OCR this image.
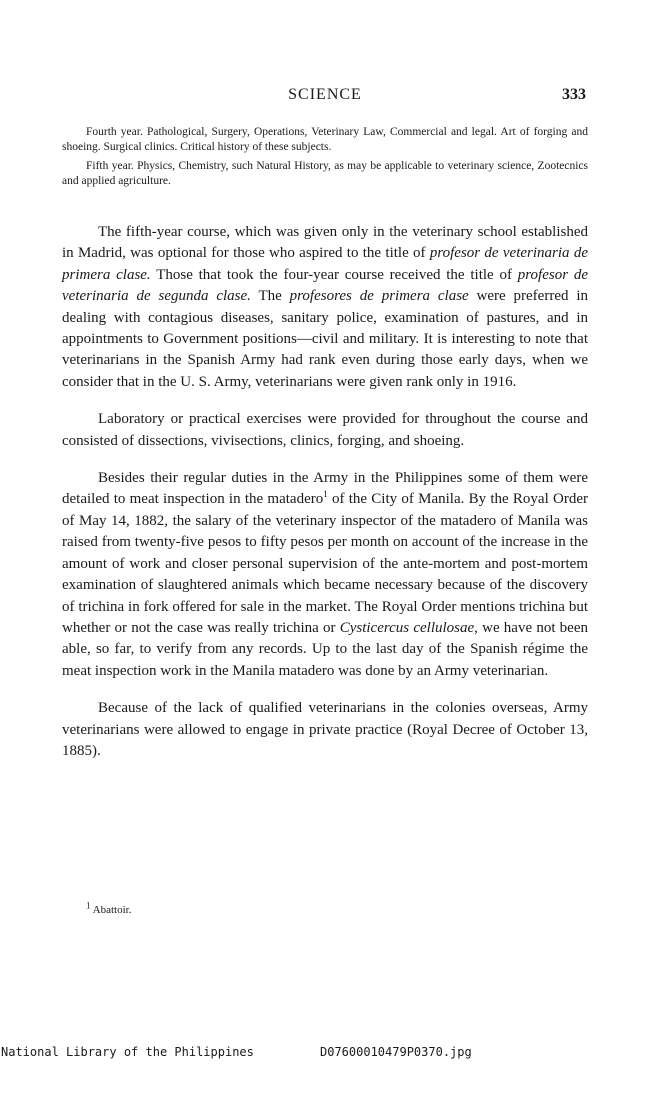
SCIENCE	333

Fourth year. Pathological, Surgery, Operations, Veterinary Law, Commercial and legal. Art of forging and shoeing. Surgical clinics. Critical history of these subjects.

Fifth year. Physics, Chemistry, such Natural History, as may be applicable to veterinary science, Zootecnics and applied agriculture.

The fifth-year course, which was given only in the veterinary school established in Madrid, was optional for those who aspired to the title of profesor de veterinaria de primera clase. Those that took the four-year course received the title of profesor de veterinaria de segunda clase. The profesores de primera clase were preferred in dealing with contagious diseases, sanitary police, examination of pastures, and in appointments to Government positions—civil and military. It is interesting to note that veterinarians in the Spanish Army had rank even during those early days, when we consider that in the U. S. Army, veterinarians were given rank only in 1916.

Laboratory or practical exercises were provided for throughout the course and consisted of dissections, vivisections, clinics, forging, and shoeing.

Besides their regular duties in the Army in the Philippines some of them were detailed to meat inspection in the matadero$^1$ of the City of Manila. By the Royal Order of May 14, 1882, the salary of the veterinary inspector of the matadero of Manila was raised from twenty-five pesos to fifty pesos per month on account of the increase in the amount of work and closer personal supervision of the ante-mortem and post-mortem examination of slaughtered animals which became necessary because of the discovery of trichina in fork offered for sale in the market. The Royal Order mentions trichina but whether or not the case was really trichina or Cysticercus cellulosae, we have not been able, so far, to verify from any records. Up to the last day of the Spanish régime the meat inspection work in the Manila matadero was done by an Army veterinarian.

Because of the lack of qualified veterinarians in the colonies overseas, Army veterinarians were allowed to engage in private practice (Royal Decree of October 13, 1885).

$^1$ Abattoir.

National Library of the Philippines

	D07600010479P0370.jpg
